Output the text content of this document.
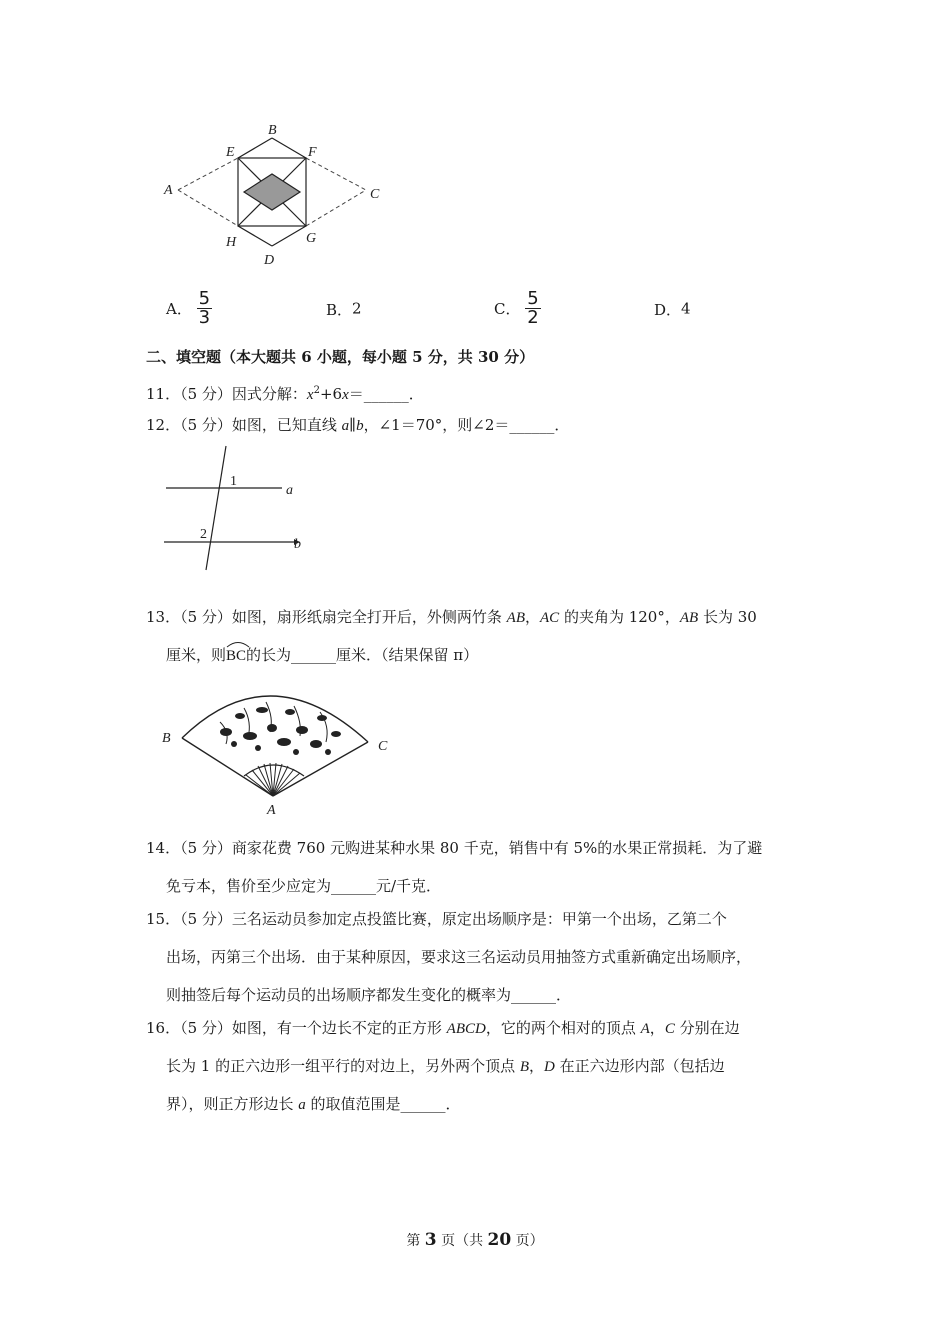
A
B
C
D
E	F
G
H
A． $\frac{5}{3}$	B．2	C． $\frac{5}{2}$	D．4
二、填空题（本大题共 6 小题，每小题 5 分，共 30 分）
11．（5 分）因式分解：$x^2+6x=\_\_\_\_\_\_$．
12．（5 分）如图，已知直线 a∥b，∠1＝70°，则∠2＝______．
1
2
a
b
13．（5 分）如图，扇形纸扇完全打开后，外侧两竹条 AB，AC 的夹角为 120°，AB 长为 30
厘米，则
BC的长为______厘米．（结果保留 π）
B
C
A
14．（5 分）商家花费 760 元购进某种水果 80 千克，销售中有 5%的水果正常损耗．为了避
免亏本，售价至少应定为______元/千克．
15．（5 分）三名运动员参加定点投篮比赛，原定出场顺序是：甲第一个出场，乙第二个
出场，丙第三个出场．由于某种原因，要求这三名运动员用抽签方式重新确定出场顺序，
则抽签后每个运动员的出场顺序都发生变化的概率为______．
16．（5 分）如图，有一个边长不定的正方形 ABCD，它的两个相对的顶点 A，C 分别在边
长为 1 的正六边形一组平行的对边上，另外两个顶点 B，D 在正六边形内部（包括边
界），则正方形边长 a 的取值范围是______．
第 3 页（共 20 页）
